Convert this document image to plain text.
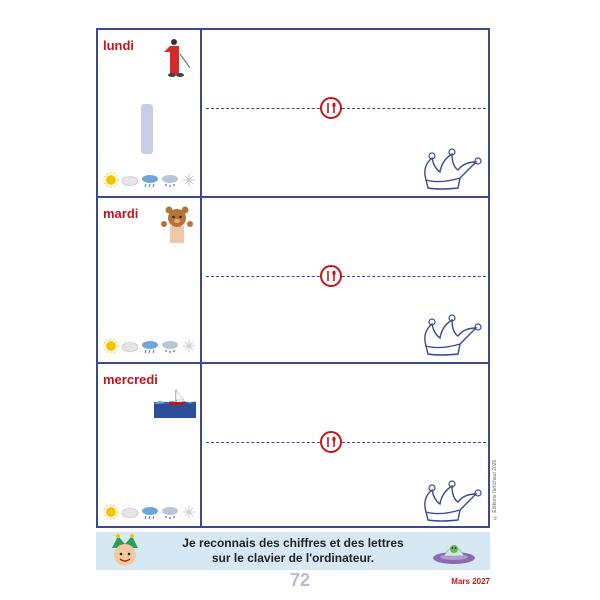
lundi
mardi
mercredi
© Éditions l'artichaut 2026
Je reconnais des chiffres et des lettres
sur le clavier de l'ordinateur.
72	Mars 2027
